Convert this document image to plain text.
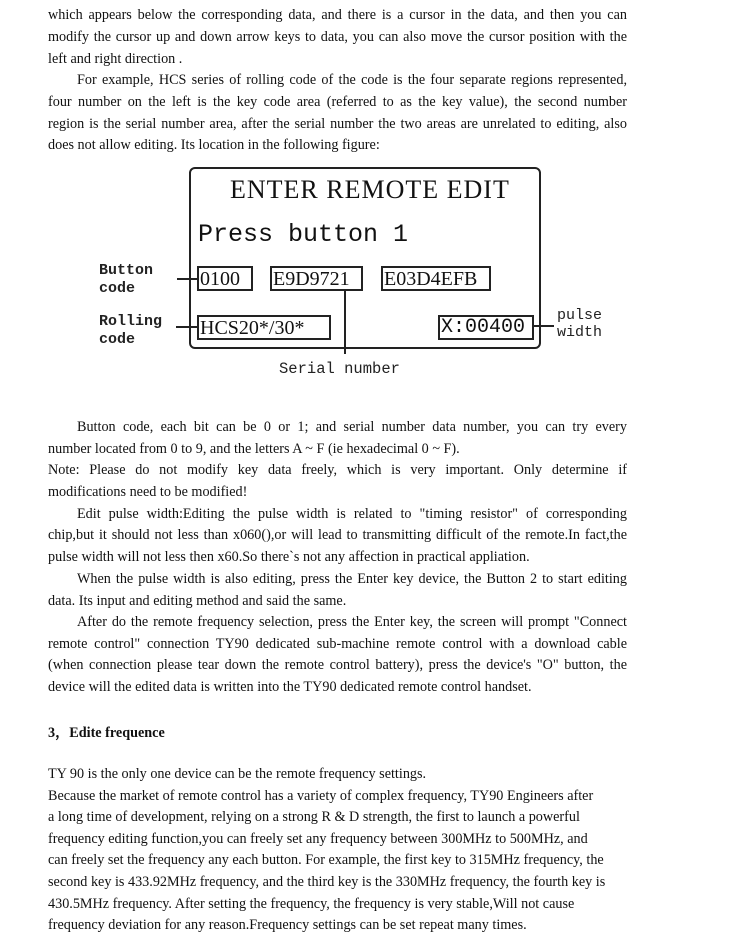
which appears below the corresponding data, and there is a cursor in the data, and then you can
modify the cursor up and down arrow keys to data, you can also move the cursor position with the
left and right direction .
For example, HCS series of rolling code of the code is the four separate regions represented,
four number on the left is the key code area (referred to as the key value), the second number
region is the serial number area, after the serial number the two areas are unrelated to editing, also
does not allow editing. Its location in the following figure:
ENTER REMOTE EDIT
Press button 1
0100	E9D9721	E03D4EFB
HCS20*/30*	X:00400
Button
code
Rolling
code
pulse
width
Serial number
Button code, each bit can be 0 or 1; and serial number data number, you can try every
number located from 0 to 9, and the letters A ~ F (ie hexadecimal 0 ~ F).
Note: Please do not modify key data freely, which is very important. Only determine if
modifications need to be modified!
Edit pulse width:Editing the pulse width is related to "timing resistor" of corresponding
chip,but it should not less than x060(),or will lead to transmitting difficult of the remote.In fact,the
pulse width will not less then x60.So there`s not any affection in practical appliation.
When the pulse width is also editing, press the Enter key device, the Button 2 to start editing
data. Its input and editing method and said the same.
After do the remote frequency selection, press the Enter key, the screen will prompt "Connect
remote control" connection TY90 dedicated sub-machine remote control with a download cable
(when connection please tear down the remote control battery), press the device's "O" button, the
device will the edited data is written into the TY90 dedicated remote control handset.
3，Edite frequence
TY 90 is the only one device can be the remote frequency settings.
Because the market of remote control has a variety of complex frequency, TY90 Engineers after
a long time of development, relying on a strong R & D strength, the first to launch a powerful
frequency editing function,you can freely set any frequency between 300MHz to 500MHz, and
can freely set the frequency any each button. For example, the first key to 315MHz frequency, the
second key is 433.92MHz frequency, and the third key is the 330MHz frequency, the fourth key is
430.5MHz frequency. After setting the frequency, the frequency is very stable,Will not cause
frequency deviation for any reason.Frequency settings can be set repeat many times.
